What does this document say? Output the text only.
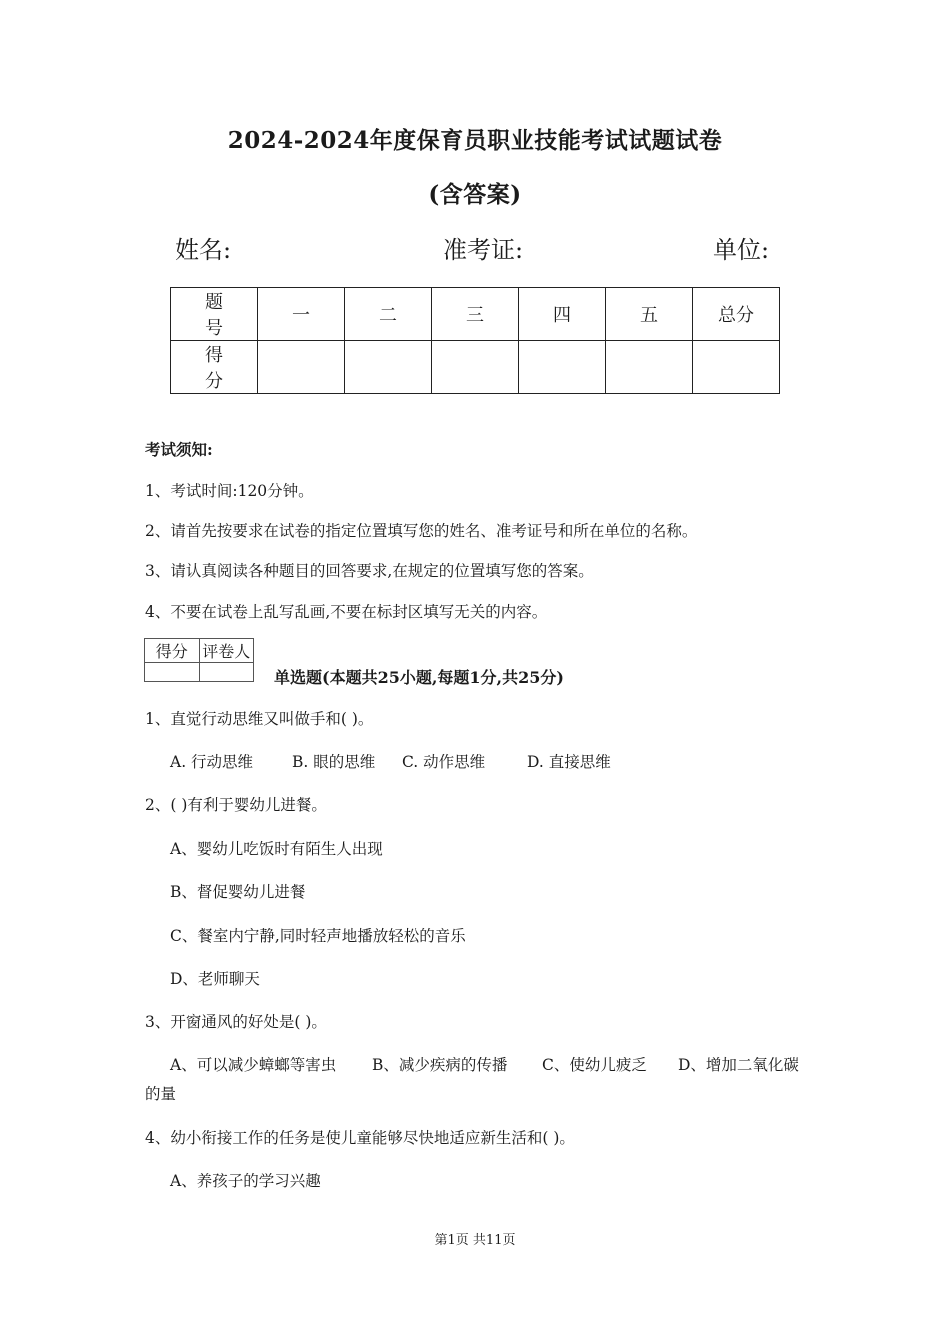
2024-2024年度保育员职业技能考试试题试卷
(含答案)
姓名:	准考证:	单位:
题号	一	二	三	四	五	总分
得分						
考试须知:
1、考试时间:120分钟。
2、请首先按要求在试卷的指定位置填写您的姓名、准考证号和所在单位的名称。
3、请认真阅读各种题目的回答要求,在规定的位置填写您的答案。
4、不要在试卷上乱写乱画,不要在标封区填写无关的内容。
得分	评卷人

单选题(本题共25小题,每题1分,共25分)
1、直觉行动思维又叫做手和( )。
A. 行动思维	B. 眼的思维 C. 动作思维	D. 直接思维
2、( )有利于婴幼儿进餐。
A、婴幼儿吃饭时有陌生人出现
B、督促婴幼儿进餐
C、餐室内宁静,同时轻声地播放轻松的音乐
D、老师聊天
3、开窗通风的好处是( )。
A、可以减少蟑螂等害虫 B、减少疾病的传播 C、使幼儿疲乏 D、增加二氧化碳
的量
4、幼小衔接工作的任务是使儿童能够尽快地适应新生活和( )。
A、养孩子的学习兴趣
第1页 共11页
